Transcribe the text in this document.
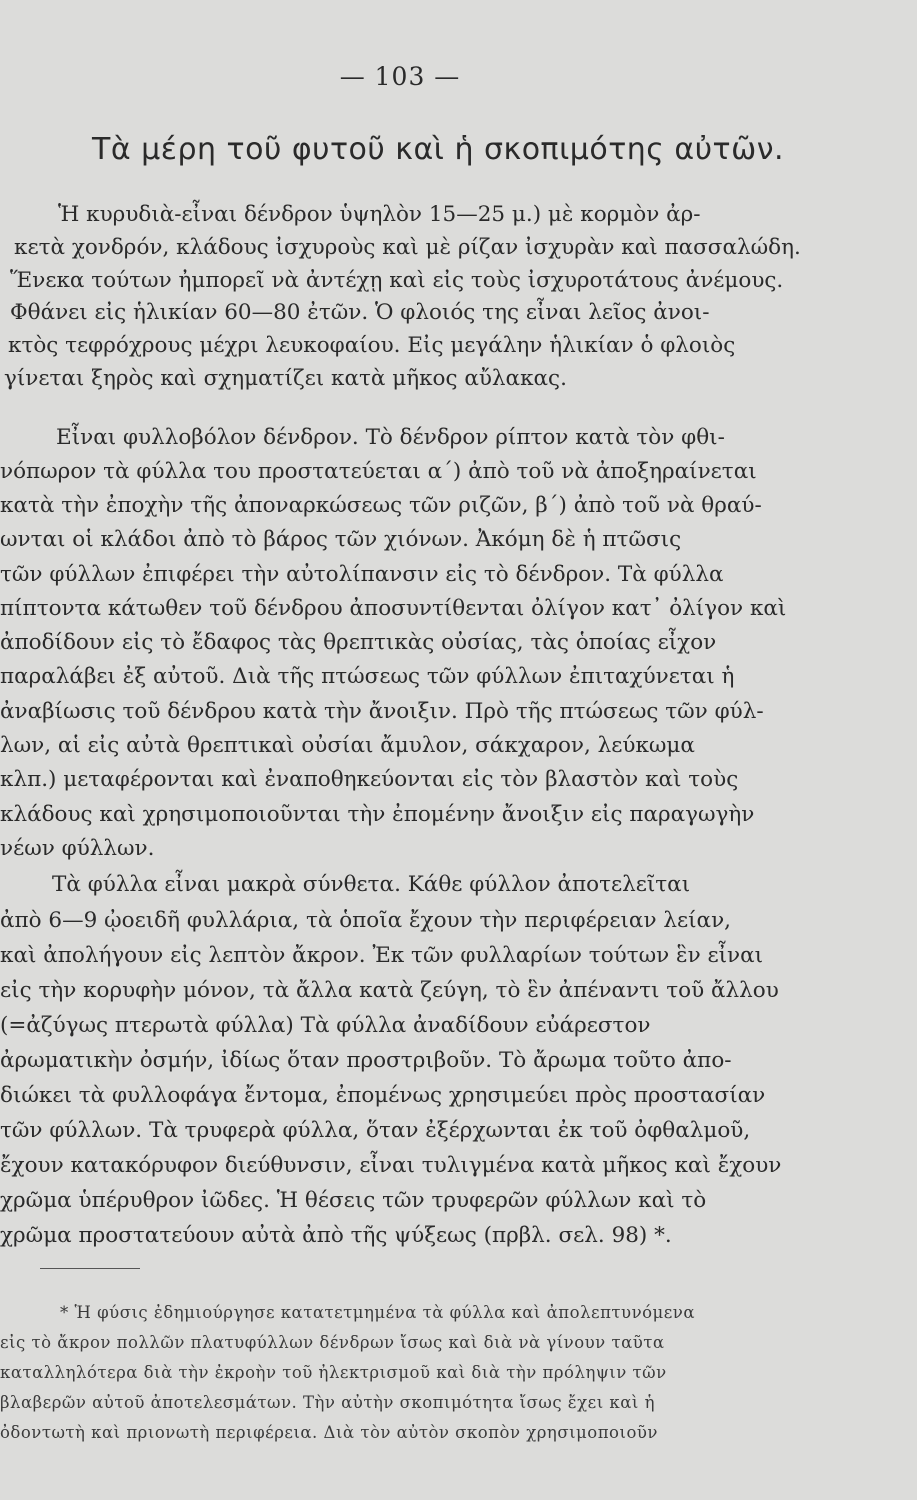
— 103 —
Τὰ μέρη τοῦ φυτοῦ καὶ ἡ σκοπιμότης αὐτῶν.
Ἡ κυρυδιὰ-εἶναι δένδρον ὑψηλὸν 15—25 μ.) μὲ κορμὸν ἀρ-
κετὰ χονδρόν, κλάδους ἰσχυροὺς καὶ μὲ ρίζαν ἰσχυρὰν καὶ πασσαλώδη.
Ἕνεκα τούτων ἠμπορεῖ νὰ ἀντέχῃ καὶ εἰς τοὺς ἰσχυροτάτους ἀνέμους.
Φθάνει εἰς ἡλικίαν 60—80 ἐτῶν. Ὁ φλοιός της εἶναι λεῖος ἀνοι-
κτὸς τεφρόχρους μέχρι λευκοφαίου. Εἰς μεγάλην ἡλικίαν ὁ φλοιὸς
γίνεται ξηρὸς καὶ σχηματίζει κατὰ μῆκος αὔλακας.
Εἶναι φυλλοβόλον δένδρον. Τὸ δένδρον ρίπτον κατὰ τὸν φθι-
νόπωρον τὰ φύλλα του προστατεύεται α΄) ἀπὸ τοῦ νὰ ἀποξηραίνεται
κατὰ τὴν ἐποχὴν τῆς ἀποναρκώσεως τῶν ριζῶν, β΄) ἀπὸ τοῦ νὰ θραύ-
ωνται οἱ κλάδοι ἀπὸ τὸ βάρος τῶν χιόνων. Ἀκόμη δὲ ἡ πτῶσις
τῶν φύλλων ἐπιφέρει τὴν αὐτολίπανσιν εἰς τὸ δένδρον. Τὰ φύλλα
πίπτοντα κάτωθεν τοῦ δένδρου ἀποσυντίθενται ὀλίγον κατ᾽ ὀλίγον καὶ
ἀποδίδουν εἰς τὸ ἔδαφος τὰς θρεπτικὰς οὐσίας, τὰς ὁποίας εἶχον
παραλάβει ἐξ αὐτοῦ. Διὰ τῆς πτώσεως τῶν φύλλων ἐπιταχύνεται ἡ
ἀναβίωσις τοῦ δένδρου κατὰ τὴν ἄνοιξιν. Πρὸ τῆς πτώσεως τῶν φύλ-
λων, αἱ εἰς αὐτὰ θρεπτικαὶ οὐσίαι ἄμυλον, σάκχαρον, λεύκωμα
κλπ.) μεταφέρονται καὶ ἐναποθηκεύονται εἰς τὸν βλαστὸν καὶ τοὺς
κλάδους καὶ χρησιμοποιοῦνται τὴν ἐπομένην ἄνοιξιν εἰς παραγωγὴν
νέων φύλλων.
Τὰ φύλλα εἶναι μακρὰ σύνθετα. Κάθε φύλλον ἀποτελεῖται
ἀπὸ 6—9 ᾠοειδῆ φυλλάρια, τὰ ὁποῖα ἔχουν τὴν περιφέρειαν λείαν,
καὶ ἀπολήγουν εἰς λεπτὸν ἄκρον. Ἐκ τῶν φυλλαρίων τούτων ἓν εἶναι
εἰς τὴν κορυφὴν μόνον, τὰ ἄλλα κατὰ ζεύγη, τὸ ἓν ἀπέναντι τοῦ ἄλλου
(=ἀζύγως πτερωτὰ φύλλα) Τὰ φύλλα ἀναδίδουν εὐάρεστον
ἀρωματικὴν ὀσμήν, ἰδίως ὅταν προστριβοῦν. Τὸ ἄρωμα τοῦτο ἀπο-
διώκει τὰ φυλλοφάγα ἔντομα, ἐπομένως χρησιμεύει πρὸς προστασίαν
τῶν φύλλων. Τὰ τρυφερὰ φύλλα, ὅταν ἐξέρχωνται ἐκ τοῦ ὀφθαλμοῦ,
ἔχουν κατακόρυφον διεύθυνσιν, εἶναι τυλιγμένα κατὰ μῆκος καὶ ἔχουν
χρῶμα ὑπέρυθρον ἰῶδες. Ἡ θέσεις τῶν τρυφερῶν φύλλων καὶ τὸ
χρῶμα προστατεύουν αὐτὰ ἀπὸ τῆς ψύξεως (πρβλ. σελ. 98) *.
* Ἡ φύσις ἐδημιούργησε κατατετμημένα τὰ φύλλα καὶ ἀπολεπτυνόμενα
εἰς τὸ ἄκρον πολλῶν πλατυφύλλων δένδρων ἴσως καὶ διὰ νὰ γίνουν ταῦτα
καταλληλότερα διὰ τὴν ἐκροὴν τοῦ ἠλεκτρισμοῦ καὶ διὰ τὴν πρόληψιν τῶν
βλαβερῶν αὐτοῦ ἀποτελεσμάτων. Τὴν αὐτὴν σκοπιμότητα ἴσως ἔχει καὶ ἡ
ὀδοντωτὴ καὶ πριονωτὴ περιφέρεια. Διὰ τὸν αὐτὸν σκοπὸν χρησιμοποιοῦν
